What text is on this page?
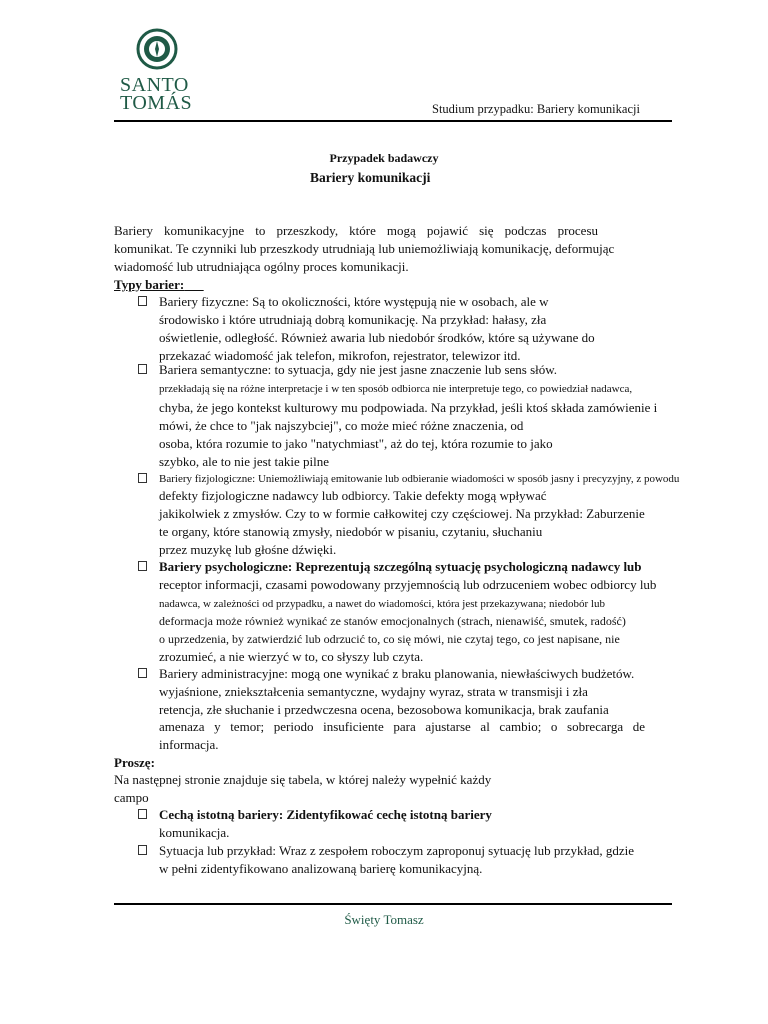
SANTO
TOMÁS	Studium przypadku: Bariery komunikacji
Przypadek badawczy
Bariery komunikacji
Bariery komunikacyjne to przeszkody, które mogą pojawić się podczas procesu
komunikat. Te czynniki lub przeszkody utrudniają lub uniemożliwiają komunikację, deformując
wiadomość lub utrudniająca ogólny proces komunikacji.
Typy barier:
Bariery fizyczne: Są to okoliczności, które występują nie w osobach, ale w
środowisko i które utrudniają dobrą komunikację. Na przykład: hałasy, zła
oświetlenie, odległość. Również awaria lub niedobór środków, które są używane do
przekazać wiadomość jak telefon, mikrofon, rejestrator, telewizor itd.
Bariera semantyczne: to sytuacja, gdy nie jest jasne znaczenie lub sens słów.
przekładają się na różne interpretacje i w ten sposób odbiorca nie interpretuje tego, co powiedział nadawca,
chyba, że jego kontekst kulturowy mu podpowiada. Na przykład, jeśli ktoś składa zamówienie i
mówi, że chce to "jak najszybciej", co może mieć różne znaczenia, od
osoba, która rozumie to jako "natychmiast", aż do tej, która rozumie to jako
szybko, ale to nie jest takie pilne
Bariery fizjologiczne: Uniemożliwiają emitowanie lub odbieranie wiadomości w sposób jasny i precyzyjny, z powodu
defekty fizjologiczne nadawcy lub odbiorcy. Takie defekty mogą wpływać
jakikolwiek z zmysłów. Czy to w formie całkowitej czy częściowej. Na przykład: Zaburzenie
te organy, które stanowią zmysły, niedobór w pisaniu, czytaniu, słuchaniu
przez muzykę lub głośne dźwięki.
Bariery psychologiczne: Reprezentują szczególną sytuację psychologiczną nadawcy lub
receptor informacji, czasami powodowany przyjemnością lub odrzuceniem wobec odbiorcy lub
nadawca, w zależności od przypadku, a nawet do wiadomości, która jest przekazywana; niedobór lub
deformacja może również wynikać ze stanów emocjonalnych (strach, nienawiść, smutek, radość)
o uprzedzenia, by zatwierdzić lub odrzucić to, co się mówi, nie czytaj tego, co jest napisane, nie
zrozumieć, a nie wierzyć w to, co słyszy lub czyta.
Bariery administracyjne: mogą one wynikać z braku planowania, niewłaściwych budżetów.
wyjaśnione, zniekształcenia semantyczne, wydajny wyraz, strata w transmisji i zła
retencja, złe słuchanie i przedwczesna ocena, bezosobowa komunikacja, brak zaufania
amenaza y temor; periodo insuficiente para ajustarse al cambio; o sobrecarga de
informacja.
Proszę:
Na następnej stronie znajduje się tabela, w której należy wypełnić każdy
campo
Cechą istotną bariery: Zidentyfikować cechę istotną bariery
komunikacja.
Sytuacja lub przykład: Wraz z zespołem roboczym zaproponuj sytuację lub przykład, gdzie
w pełni zidentyfikowano analizowaną barierę komunikacyjną.
Święty Tomasz
